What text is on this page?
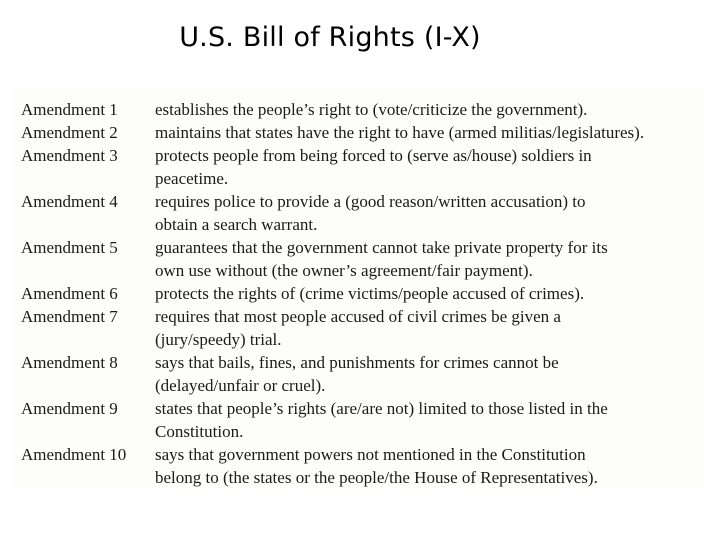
U.S. Bill of Rights (I-X)
Amendment 1 establishes the people’s right to (vote/criticize the government).
Amendment 2 maintains that states have the right to have (armed militias/legislatures).
Amendment 3 protects people from being forced to (serve as/house) soldiers in
peacetime.
Amendment 4 requires police to provide a (good reason/written accusation) to
obtain a search warrant.
Amendment 5 guarantees that the government cannot take private property for its
own use without (the owner’s agreement/fair payment).
Amendment 6 protects the rights of (crime victims/people accused of crimes).
Amendment 7 requires that most people accused of civil crimes be given a
(jury/speedy) trial.
Amendment 8 says that bails, fines, and punishments for crimes cannot be
(delayed/unfair or cruel).
Amendment 9 states that people’s rights (are/are not) limited to those listed in the
Constitution.
Amendment 10 says that government powers not mentioned in the Constitution
belong to (the states or the people/the House of Representatives).
